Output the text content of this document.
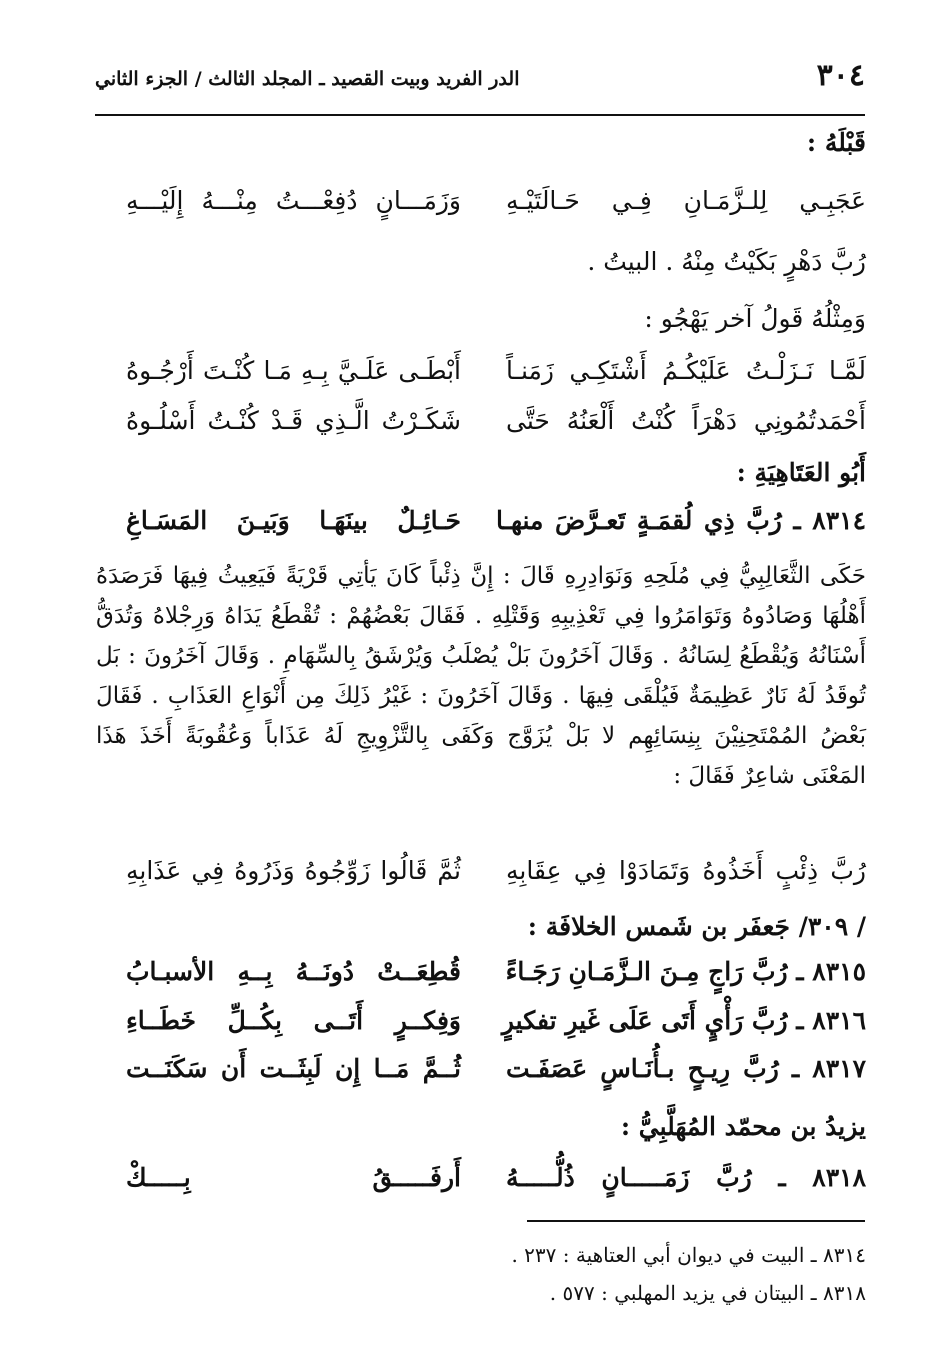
٣٠٤
الدر الفريد وبيت القصيد ـ المجلد الثالث / الجزء الثاني
قَبْلَهُ :
عَجَبِـي لِلـزَّمَـانِ فِـي حَـالَتَيْـهِ
وَزَمَـــانٍ دُفِعْـــتُ مِنْـــهُ إِلَيْـــهِ
رُبَّ دَهْرٍ بَكَيْتُ مِنْهُ . البيتُ .
وَمِثْلُهُ قَولُ آخر يَهْجُو :
لَمَّـا نَـزَلْـتُ عَلَيْكُـمُ أَشْتَكِـي زَمَنـاً
أَبْطَـى عَلَـيَّ بِـهِ مَـا كُنْـتَ أَرْجُـوهُ
أَحْمَدتُمُونِي دَهْرَاً كُنْتُ أَلْعَنُهُ حَتَّى
شَكَـرْتُ الَّـذِي قَـدْ كُنْـتُ أَسْلُـوهُ
أَبُو العَتَاهِيَةِ :
٨٣١٤ ـ رُبَّ ذِي لُقمَـةٍ تَعـرَّضَ منهـا
حَـائِـلٌ بينَهَـا وَبَيـنَ المَسَـاغِ
حَكَى الثَّعَالِبِيُّ فِي مُلَحِهِ وَنَوَادِرِهِ قَالَ : إِنَّ ذِئْباً كَانَ يَأتِي قَرْيَةً فَيَعِيثُ فِيهَا فَرَصَدَهُ أَهْلُهَا وَصَادُوهُ وَتَوَامَرُوا فِي تَعْذِيبِهِ وَقَتْلِهِ . فَقَالَ بَعْضُهُمْ : تُقْطَعُ يَدَاهُ وَرِجْلاهُ وَتُدَقُّ أَسْنَانُهُ وَيُقْطَعُ لِسَانُهُ . وَقَالَ آخَرُونَ بَلْ يُصْلَبُ وَيُرْشَقُ بِالسِّهَامِ . وَقَالَ آخَرُونَ : بَل تُوقَدُ لَهُ نَارٌ عَظِيمَةٌ فَيُلْقَى فِيهَا . وَقَالَ آخَرُونَ : غَيْرُ ذَلِكَ مِن أَنْوَاعِ العَذَابِ . فَقَالَ بَعْضُ المُمْتَحِنِيْنَ بِنِسَائِهِم لا بَلْ يُزَوَّج وَكَفَى بِالتَّزْوِيجِ لَهُ عَذَاباً وَعُقُوبَةً أَخَذَ هَذَا المَعْنَى شاعِرٌ فَقَالَ :
رُبَّ ذِئْبٍ أَخَذُوهُ وَتَمَادَوْا فِي عِقَابِهِ
ثُمَّ قَالُوا زَوِّجُوهُ وَذَرُوهُ فِي عَذَابِهِ
/ ٣٠٩/ جَعفَر بن شَمس الخلافَة :
٨٣١٥ ـ رُبَّ رَاجٍ مِـنَ الـزَّمَـانِ رَجَـاءً
قُطِعَــتْ دُونَــهُ بِــهِ الأسبـابُ
٨٣١٦ ـ رُبَّ رَأْيٍ أَتَى عَلَى غَيرِ تفكيرٍ
وَفِكــرٍ أَتَــى بِكُــلِّ خَطَــاءِ
٨٣١٧ ـ رُبَّ رِيـحٍ بـأُنَـاسٍ عَصَفَـت
ثُــمَّ مَــا إِن لَبِثَــت أَن سَكَنَــت
يزيدُ بن محمّد المُهَلَّبِيُّ :
٨٣١٨ ـ رُبَّ زَمَـــــانٍ ذُلُّـــــهُ
أَرفَـــــقُ بِـــــكْ
٨٣١٤ ـ البيت في ديوان أبي العتاهية : ٢٣٧ .
٨٣١٨ ـ البيتان في يزيد المهلبي : ٥٧٧ .
